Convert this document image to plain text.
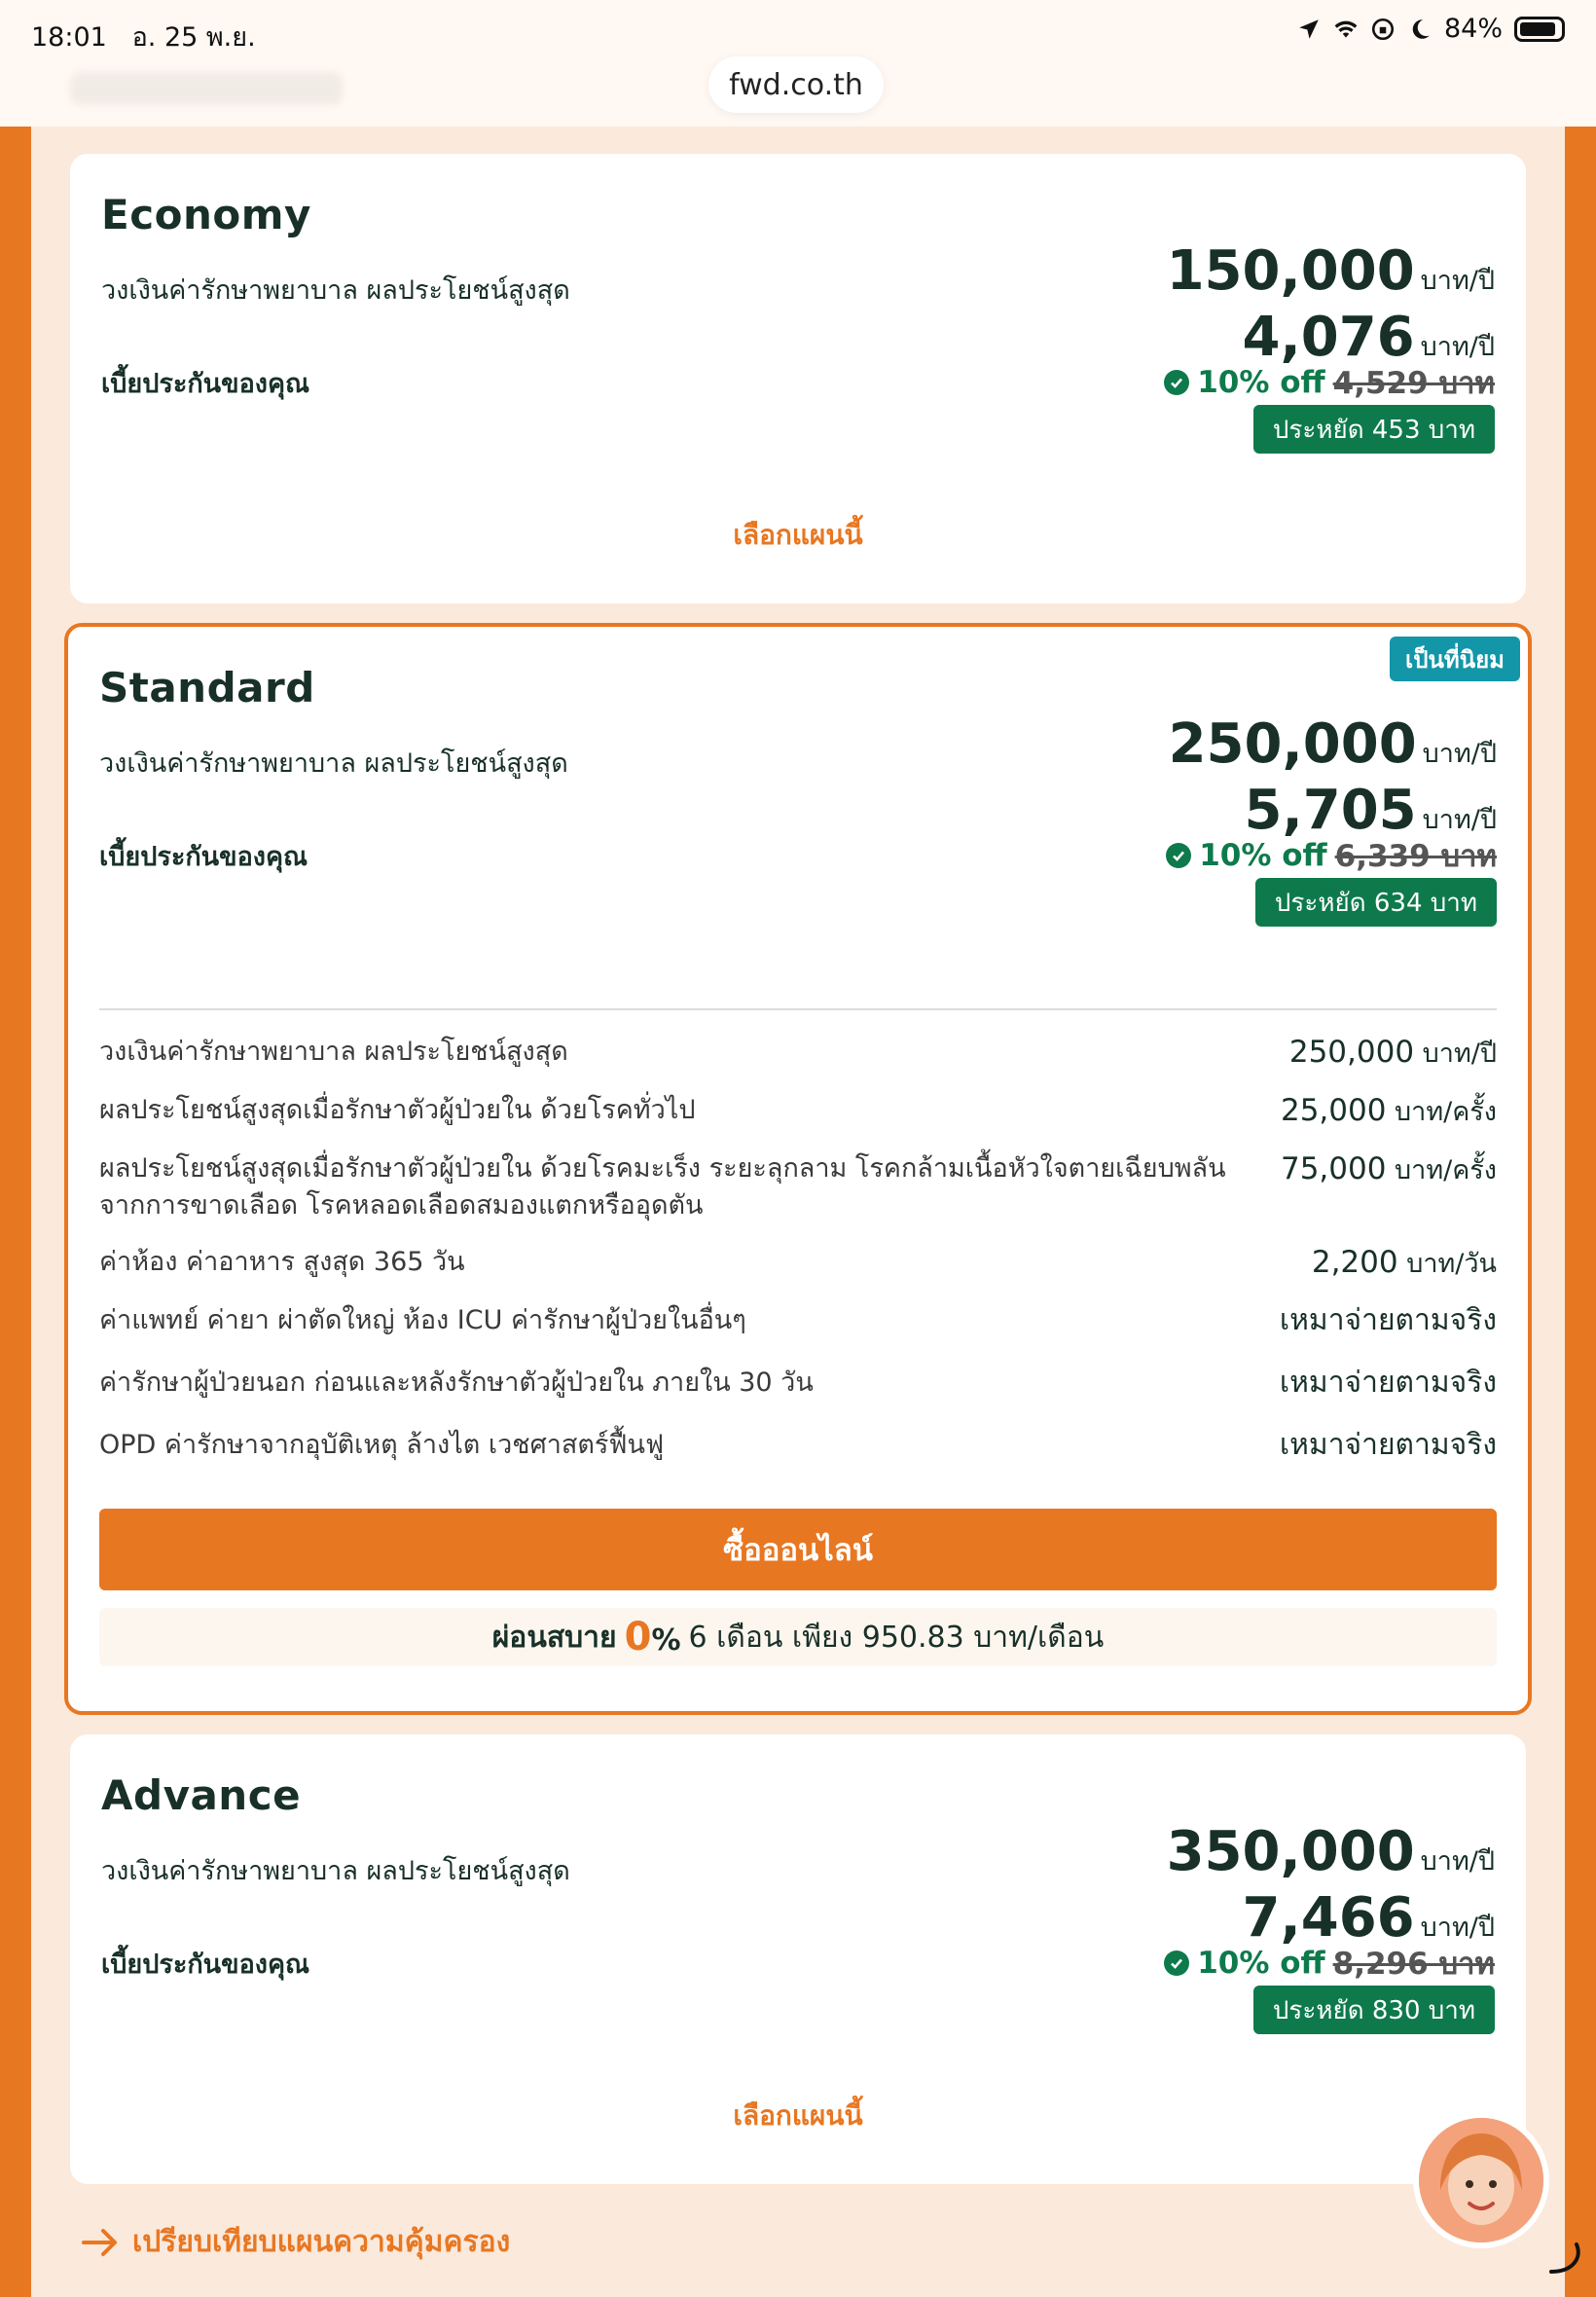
18:01 อ. 25 พ.ย.	84%
fwd.co.th
Economy
วงเงินค่ารักษาพยาบาล ผลประโยชน์สูงสุด	150,000 บาท/ปี
เบี้ยประกันของคุณ
4,076 บาท/ปี
10% off 4,529 บาท
ประหยัด 453 บาท
เลือกแผนนี้
เป็นที่นิยม
Standard
วงเงินค่ารักษาพยาบาล ผลประโยชน์สูงสุด	250,000 บาท/ปี
เบี้ยประกันของคุณ
5,705 บาท/ปี
10% off 6,339 บาท
ประหยัด 634 บาท
วงเงินค่ารักษาพยาบาล ผลประโยชน์สูงสุด	250,000 บาท/ปี
ผลประโยชน์สูงสุดเมื่อรักษาตัวผู้ป่วยใน ด้วยโรคทั่วไป	25,000 บาท/ครั้ง
ผลประโยชน์สูงสุดเมื่อรักษาตัวผู้ป่วยใน ด้วยโรคมะเร็ง ระยะลุกลาม โรคกล้ามเนื้อหัวใจตายเฉียบพลันจากการขาดเลือด โรคหลอดเลือดสมองแตกหรืออุดตัน
75,000 บาท/ครั้ง
ค่าห้อง ค่าอาหาร สูงสุด 365 วัน	2,200 บาท/วัน
ค่าแพทย์ ค่ายา ผ่าตัดใหญ่ ห้อง ICU ค่ารักษาผู้ป่วยในอื่นๆ	เหมาจ่ายตามจริง
ค่ารักษาผู้ป่วยนอก ก่อนและหลังรักษาตัวผู้ป่วยใน ภายใน 30 วัน	เหมาจ่ายตามจริง
OPD ค่ารักษาจากอุบัติเหตุ ล้างไต เวชศาสตร์ฟื้นฟู	เหมาจ่ายตามจริง
ซื้อออนไลน์
ผ่อนสบาย 0% 6 เดือน เพียง 950.83 บาท/เดือน
Advance
วงเงินค่ารักษาพยาบาล ผลประโยชน์สูงสุด	350,000 บาท/ปี
เบี้ยประกันของคุณ
7,466 บาท/ปี
10% off 8,296 บาท
ประหยัด 830 บาท
เลือกแผนนี้
เปรียบเทียบแผนความคุ้มครอง
